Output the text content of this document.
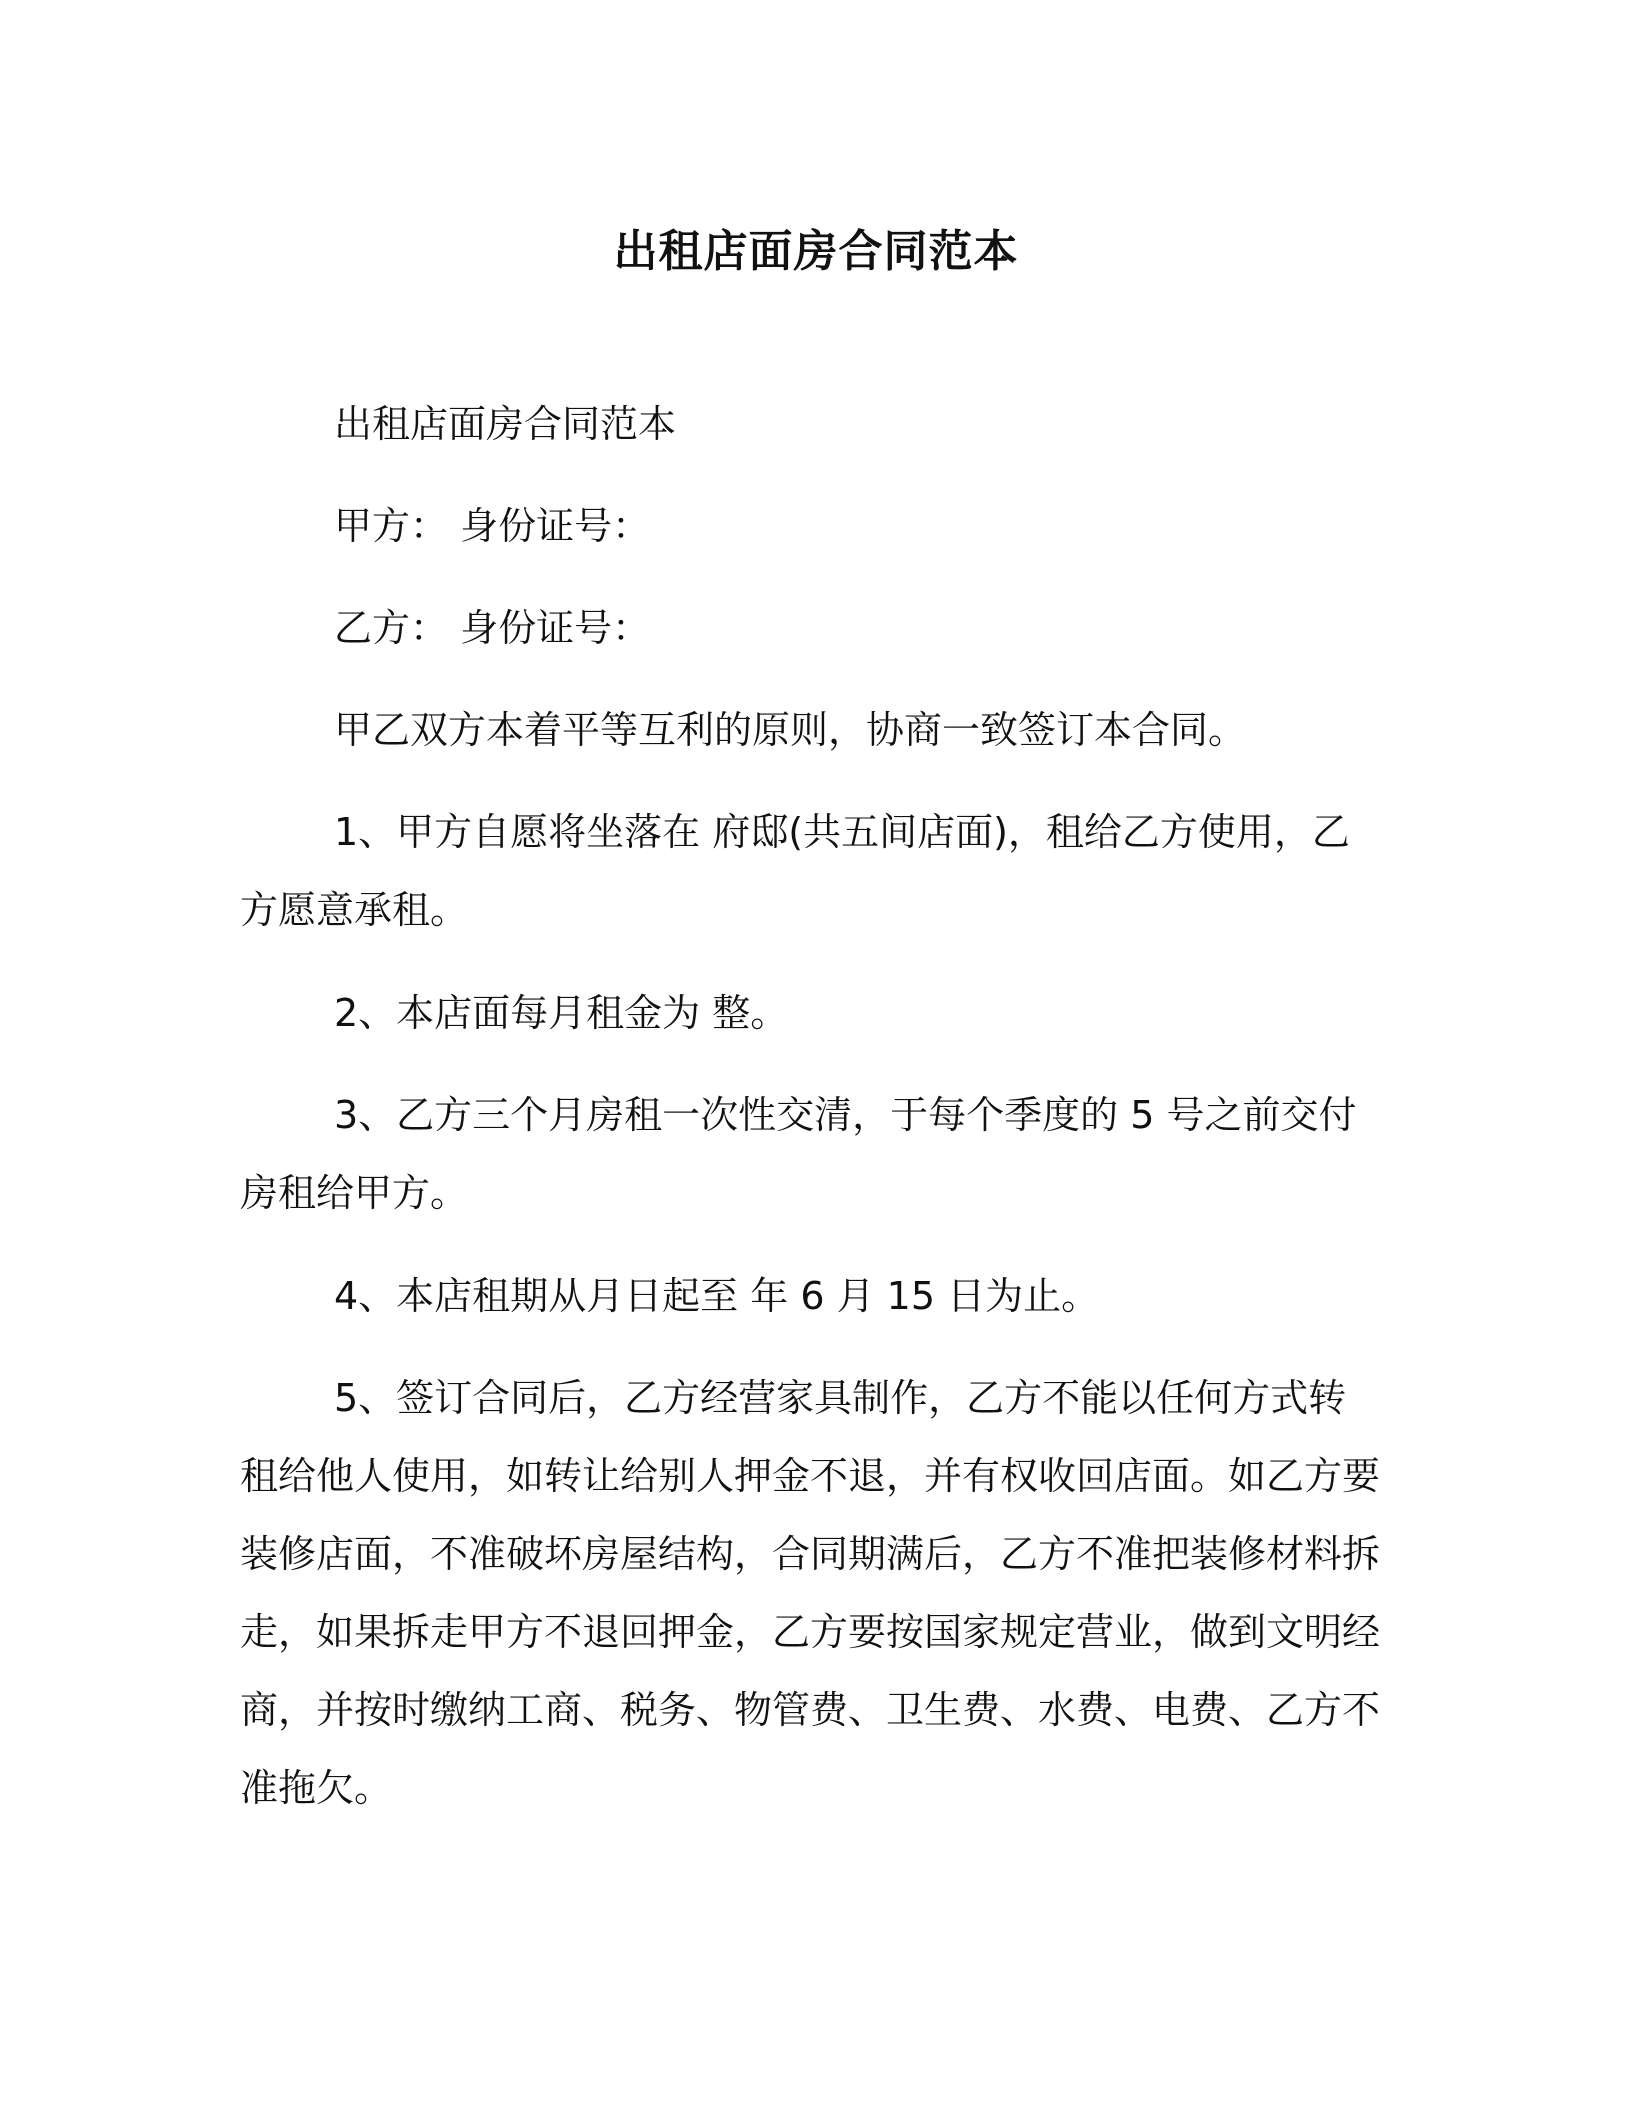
出租店面房合同范本

出租店面房合同范本

甲方： 身份证号：

乙方： 身份证号：

甲乙双方本着平等互利的原则，协商一致签订本合同。

1、甲方自愿将坐落在 府邸(共五间店面)，租给乙方使用，乙方愿意承租。

2、本店面每月租金为 整。

3、乙方三个月房租一次性交清，于每个季度的 5 号之前交付房租给甲方。

4、本店租期从月日起至 年 6 月 15 日为止。

5、签订合同后，乙方经营家具制作，乙方不能以任何方式转租给他人使用，如转让给别人押金不退，并有权收回店面。如乙方要装修店面，不准破坏房屋结构，合同期满后，乙方不准把装修材料拆走，如果拆走甲方不退回押金，乙方要按国家规定营业，做到文明经商，并按时缴纳工商、税务、物管费、卫生费、水费、电费、乙方不准拖欠。
